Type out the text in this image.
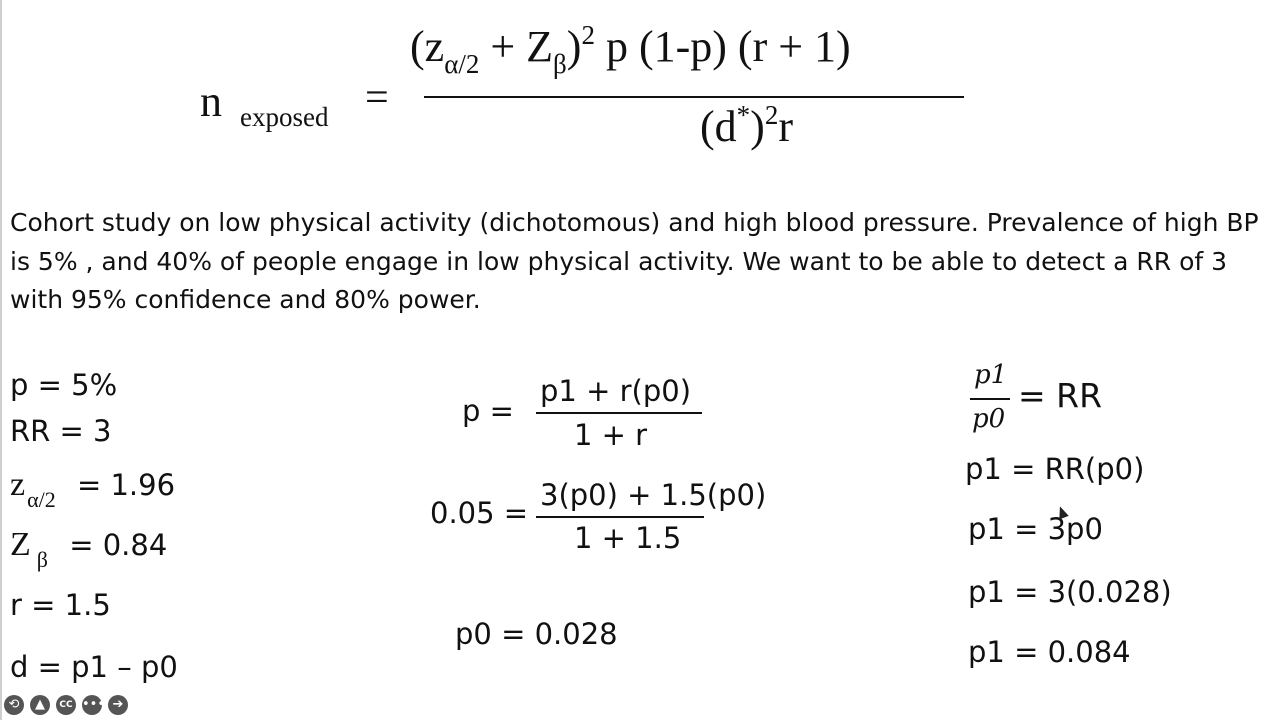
n exposed =
$(z_{\alpha/2} + Z_\beta)^2$ p (1-p) (r + 1)
$(d^*)^2r$
Cohort study on low physical activity (dichotomous) and high blood pressure. Prevalence of high BP is 5% , and 40% of people engage in low physical activity. We want to be able to detect a RR of 3 with 95% confidence and 80% power.
p = 5%
RR = 3
$z_{\alpha/2} = 1.96$
Z $_\beta$ = 0.84
r = 1.5
d = p1 – p0
p =
p1 + r(p0)
1 + r
0.05 =
3(p0) + 1.5(p0)
1 + 1.5
p0 = 0.028
p1
p0
= RR
p1 = RR(p0)
p1 = 3p0
p1 = 3(0.028)
p1 = 0.084
⟲	▲	CC ••• ➔
